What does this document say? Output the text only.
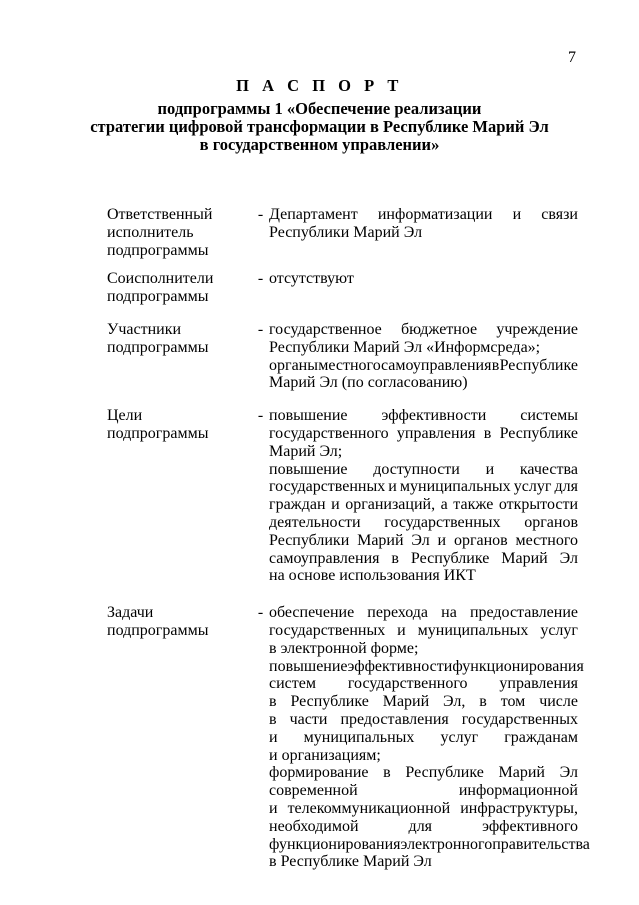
7
П А С П О Р Т
подпрограммы 1 «Обеспечение реализации
стратегии цифровой трансформации в Республике Марий Эл
в государственном управлении»
Ответственный
исполнитель
подпрограммы
- Департамент информатизации и связи
Республики Марий Эл
Соисполнители
подпрограммы
- отсутствуют
Участники
подпрограммы
- государственное бюджетное учреждение
Республики Марий Эл «Информсреда»;
органы местного самоуправления в Республике
Марий Эл (по согласованию)
Цели
подпрограммы
- повышение эффективности системы
государственного управления в Республике
Марий Эл;
повышение доступности и качества
государственных и муниципальных услуг для
граждан и организаций, а также открытости
деятельности государственных органов
Республики Марий Эл и органов местного
самоуправления в Республике Марий Эл
на основе использования ИКТ
Задачи
подпрограммы
- обеспечение перехода на предоставление
государственных и муниципальных услуг
в электронной форме;
повышение эффективности функционирования
систем государственного управления
в Республике Марий Эл, в том числе
в части предоставления государственных
и муниципальных услуг гражданам
и организациям;
формирование в Республике Марий Эл
современной	информационной
и телекоммуникационной инфраструктуры,
необходимой	для	эффективного
функционирования электронного правительства
в Республике Марий Эл
